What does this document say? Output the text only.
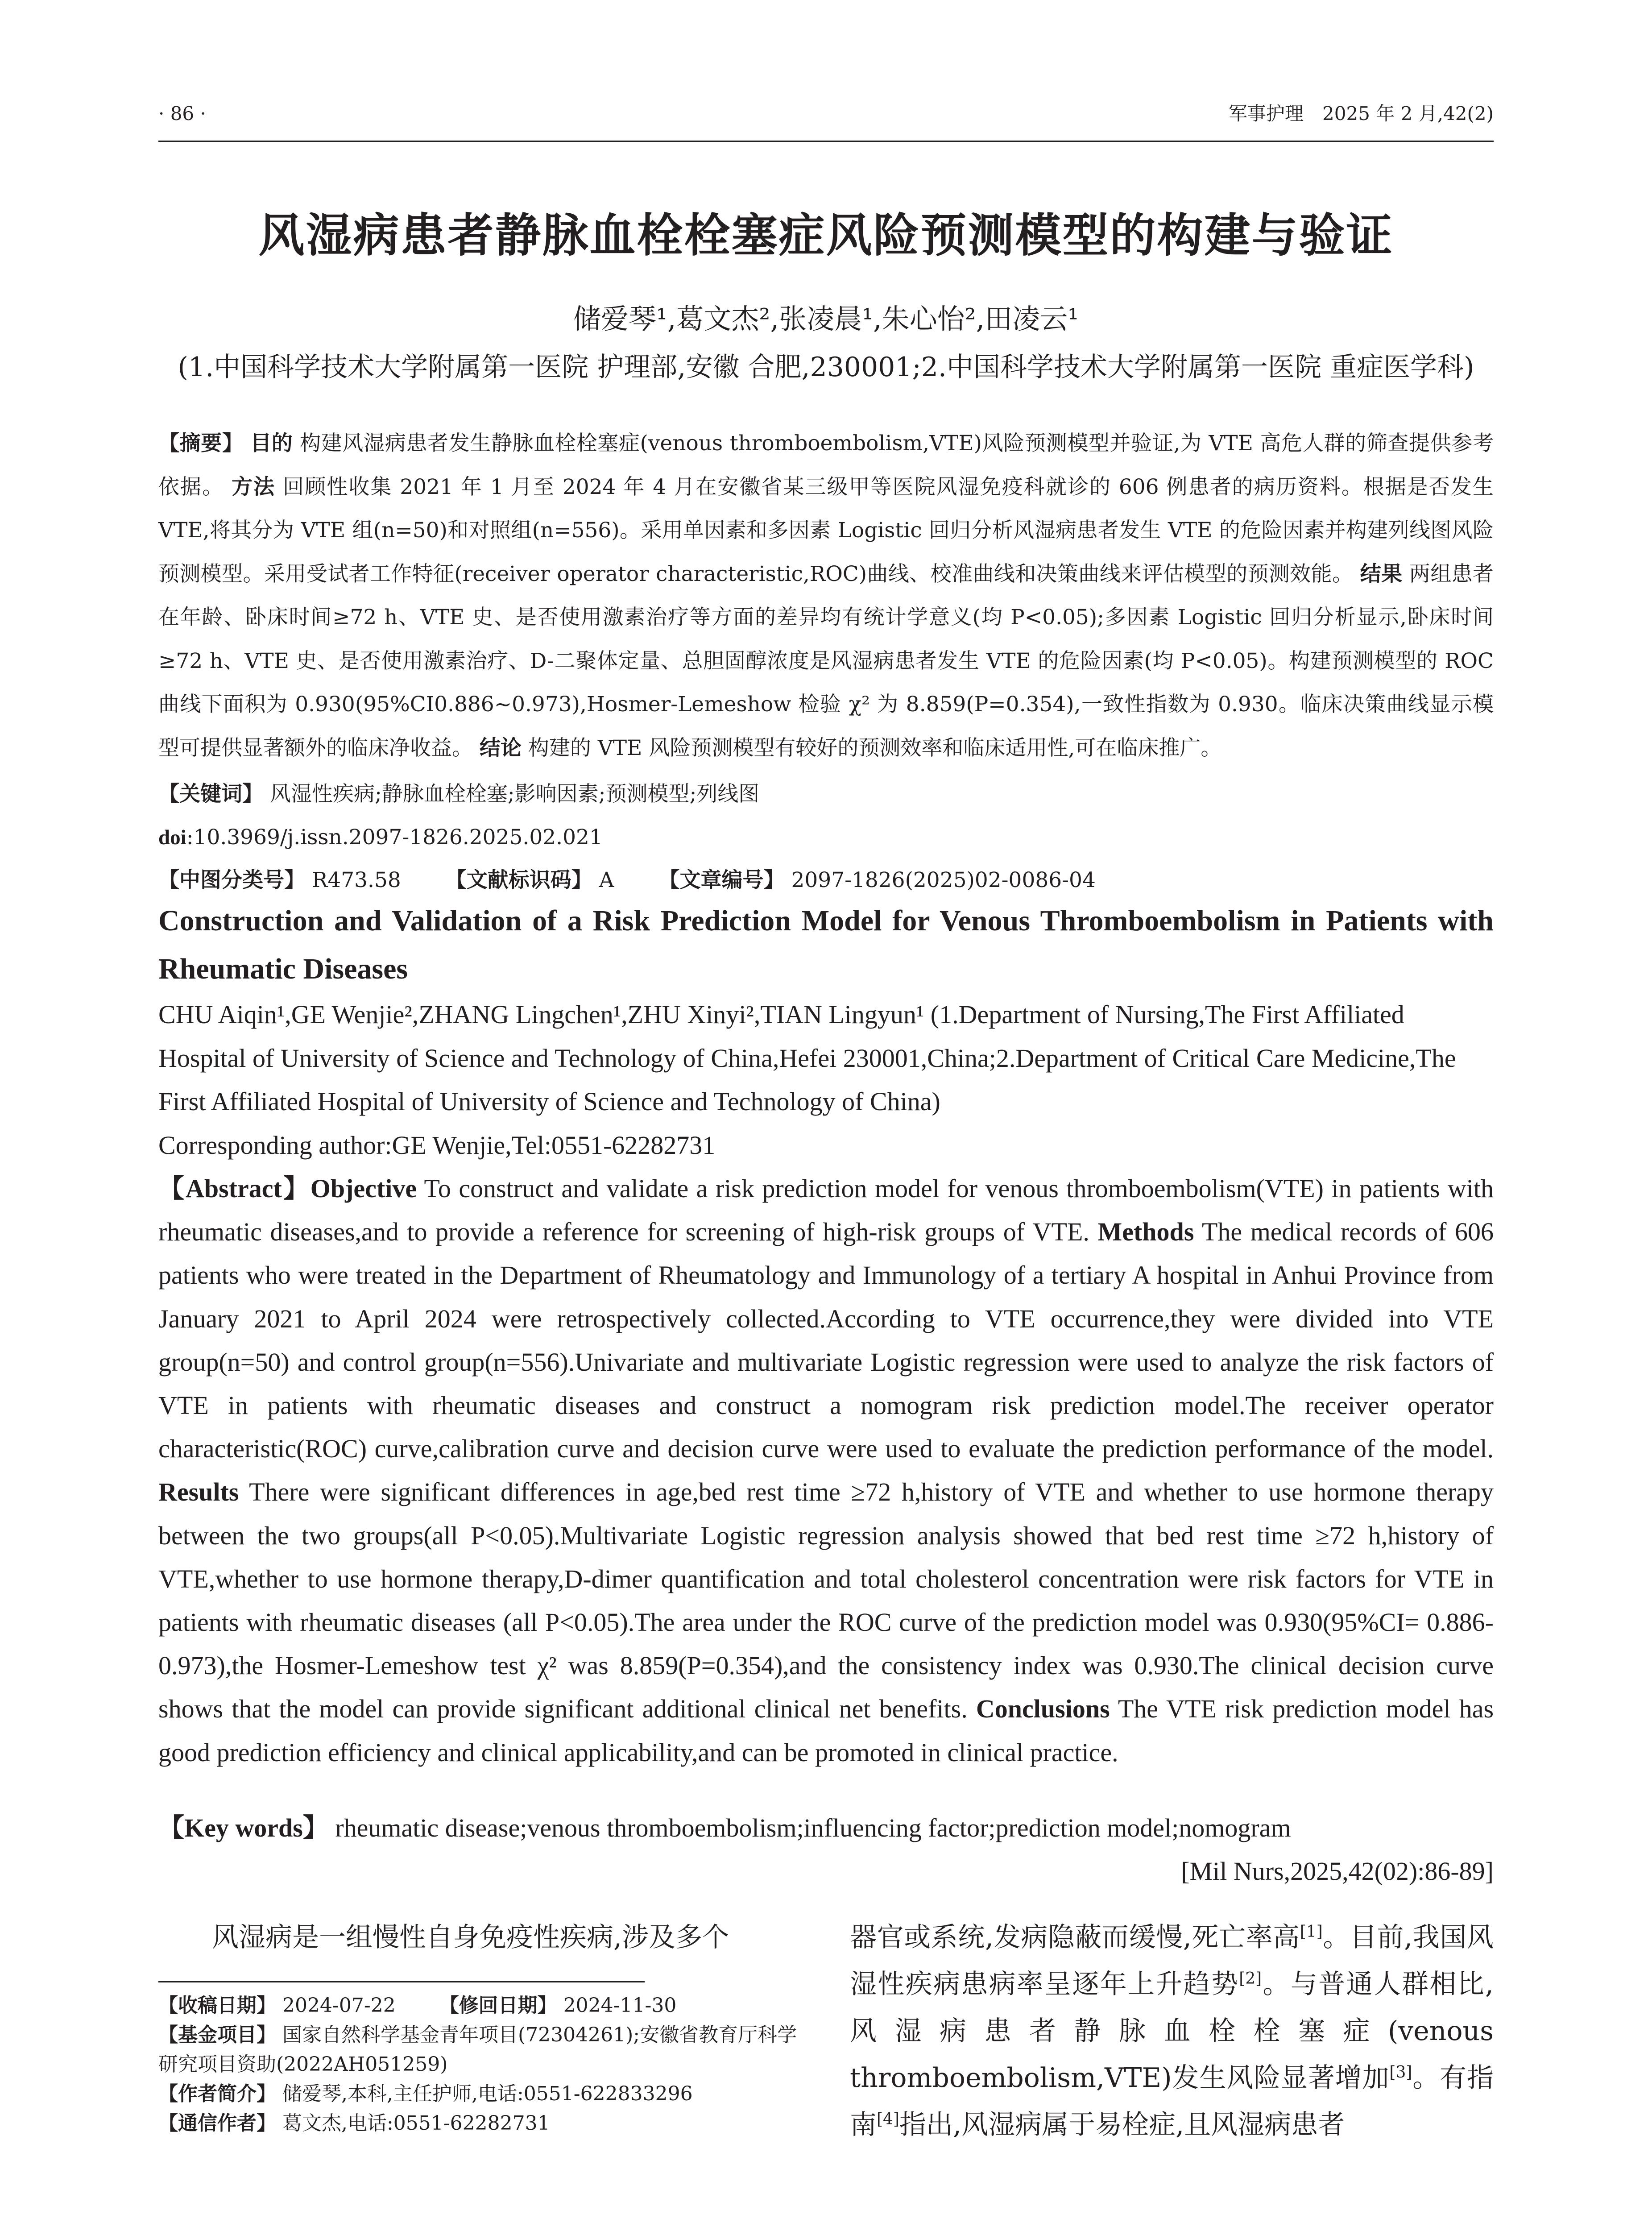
· 86 ·	军事护理　2025 年 2 月,42(2)
风湿病患者静脉血栓栓塞症风险预测模型的构建与验证
储爱琴¹,葛文杰²,张凌晨¹,朱心怡²,田凌云¹
(1.中国科学技术大学附属第一医院 护理部,安徽 合肥,230001;2.中国科学技术大学附属第一医院 重症医学科)
【摘要】 目的 构建风湿病患者发生静脉血栓栓塞症(venous thromboembolism,VTE)风险预测模型并验证,为 VTE 高危人群的筛查提供参考依据。 方法 回顾性收集 2021 年 1 月至 2024 年 4 月在安徽省某三级甲等医院风湿免疫科就诊的 606 例患者的病历资料。根据是否发生 VTE,将其分为 VTE 组(n=50)和对照组(n=556)。采用单因素和多因素 Logistic 回归分析风湿病患者发生 VTE 的危险因素并构建列线图风险预测模型。采用受试者工作特征(receiver operator characteristic,ROC)曲线、校准曲线和决策曲线来评估模型的预测效能。 结果 两组患者在年龄、卧床时间≥72 h、VTE 史、是否使用激素治疗等方面的差异均有统计学意义(均 P<0.05);多因素 Logistic 回归分析显示,卧床时间≥72 h、VTE 史、是否使用激素治疗、D-二聚体定量、总胆固醇浓度是风湿病患者发生 VTE 的危险因素(均 P<0.05)。构建预测模型的 ROC 曲线下面积为 0.930(95%CI0.886~0.973),Hosmer-Lemeshow 检验 χ² 为 8.859(P=0.354),一致性指数为 0.930。临床决策曲线显示模型可提供显著额外的临床净收益。 结论 构建的 VTE 风险预测模型有较好的预测效率和临床适用性,可在临床推广。
【关键词】 风湿性疾病;静脉血栓栓塞;影响因素;预测模型;列线图
doi:10.3969/j.issn.2097-1826.2025.02.021
【中图分类号】 R473.58 【文献标识码】 A 【文章编号】 2097-1826(2025)02-0086-04
Construction and Validation of a Risk Prediction Model for Venous Thromboembolism in Patients with Rheumatic Diseases
CHU Aiqin¹,GE Wenjie²,ZHANG Lingchen¹,ZHU Xinyi²,TIAN Lingyun¹ (1.Department of Nursing,The First Affiliated Hospital of University of Science and Technology of China,Hefei 230001,China;2.Department of Critical Care Medicine,The First Affiliated Hospital of University of Science and Technology of China)
Corresponding author:GE Wenjie,Tel:0551-62282731
【Abstract】Objective To construct and validate a risk prediction model for venous thromboembolism(VTE) in patients with rheumatic diseases,and to provide a reference for screening of high-risk groups of VTE. Methods The medical records of 606 patients who were treated in the Department of Rheumatology and Immunology of a tertiary A hospital in Anhui Province from January 2021 to April 2024 were retrospectively collected.According to VTE occurrence,they were divided into VTE group(n=50) and control group(n=556).Univariate and multivariate Logistic regression were used to analyze the risk factors of VTE in patients with rheumatic diseases and construct a nomogram risk prediction model.The receiver operator characteristic(ROC) curve,calibration curve and decision curve were used to evaluate the prediction performance of the model. Results There were significant differences in age,bed rest time ≥72 h,history of VTE and whether to use hormone therapy between the two groups(all P<0.05).Multivariate Logistic regression analysis showed that bed rest time ≥72 h,history of VTE,whether to use hormone therapy,D-dimer quantification and total cholesterol concentration were risk factors for VTE in patients with rheumatic diseases (all P<0.05).The area under the ROC curve of the prediction model was 0.930(95%CI= 0.886-0.973),the Hosmer-Lemeshow test χ² was 8.859(P=0.354),and the consistency index was 0.930.The clinical decision curve shows that the model can provide significant additional clinical net benefits. Conclusions The VTE risk prediction model has good prediction efficiency and clinical applicability,and can be promoted in clinical practice.
【Key words】 rheumatic disease;venous thromboembolism;influencing factor;prediction model;nomogram
[Mil Nurs,2025,42(02):86-89]
风湿病是一组慢性自身免疫性疾病,涉及多个	器官或系统,发病隐蔽而缓慢,死亡率高[1]。目前,我国风湿性疾病患病率呈逐年上升趋势[2]。与普通人群相比,风湿病患者静脉血栓栓塞症(venous thromboembolism,VTE)发生风险显著增加[3]。有指南[4]指出,风湿病属于易栓症,且风湿病患者

【收稿日期】 2024-07-22 【修回日期】 2024-11-30

【基金项目】 国家自然科学基金青年项目(72304261);安徽省教育厅科学研究项目资助(2022AH051259)

【作者简介】 储爱琴,本科,主任护师,电话:0551-622833296

【通信作者】 葛文杰,电话:0551-62282731
